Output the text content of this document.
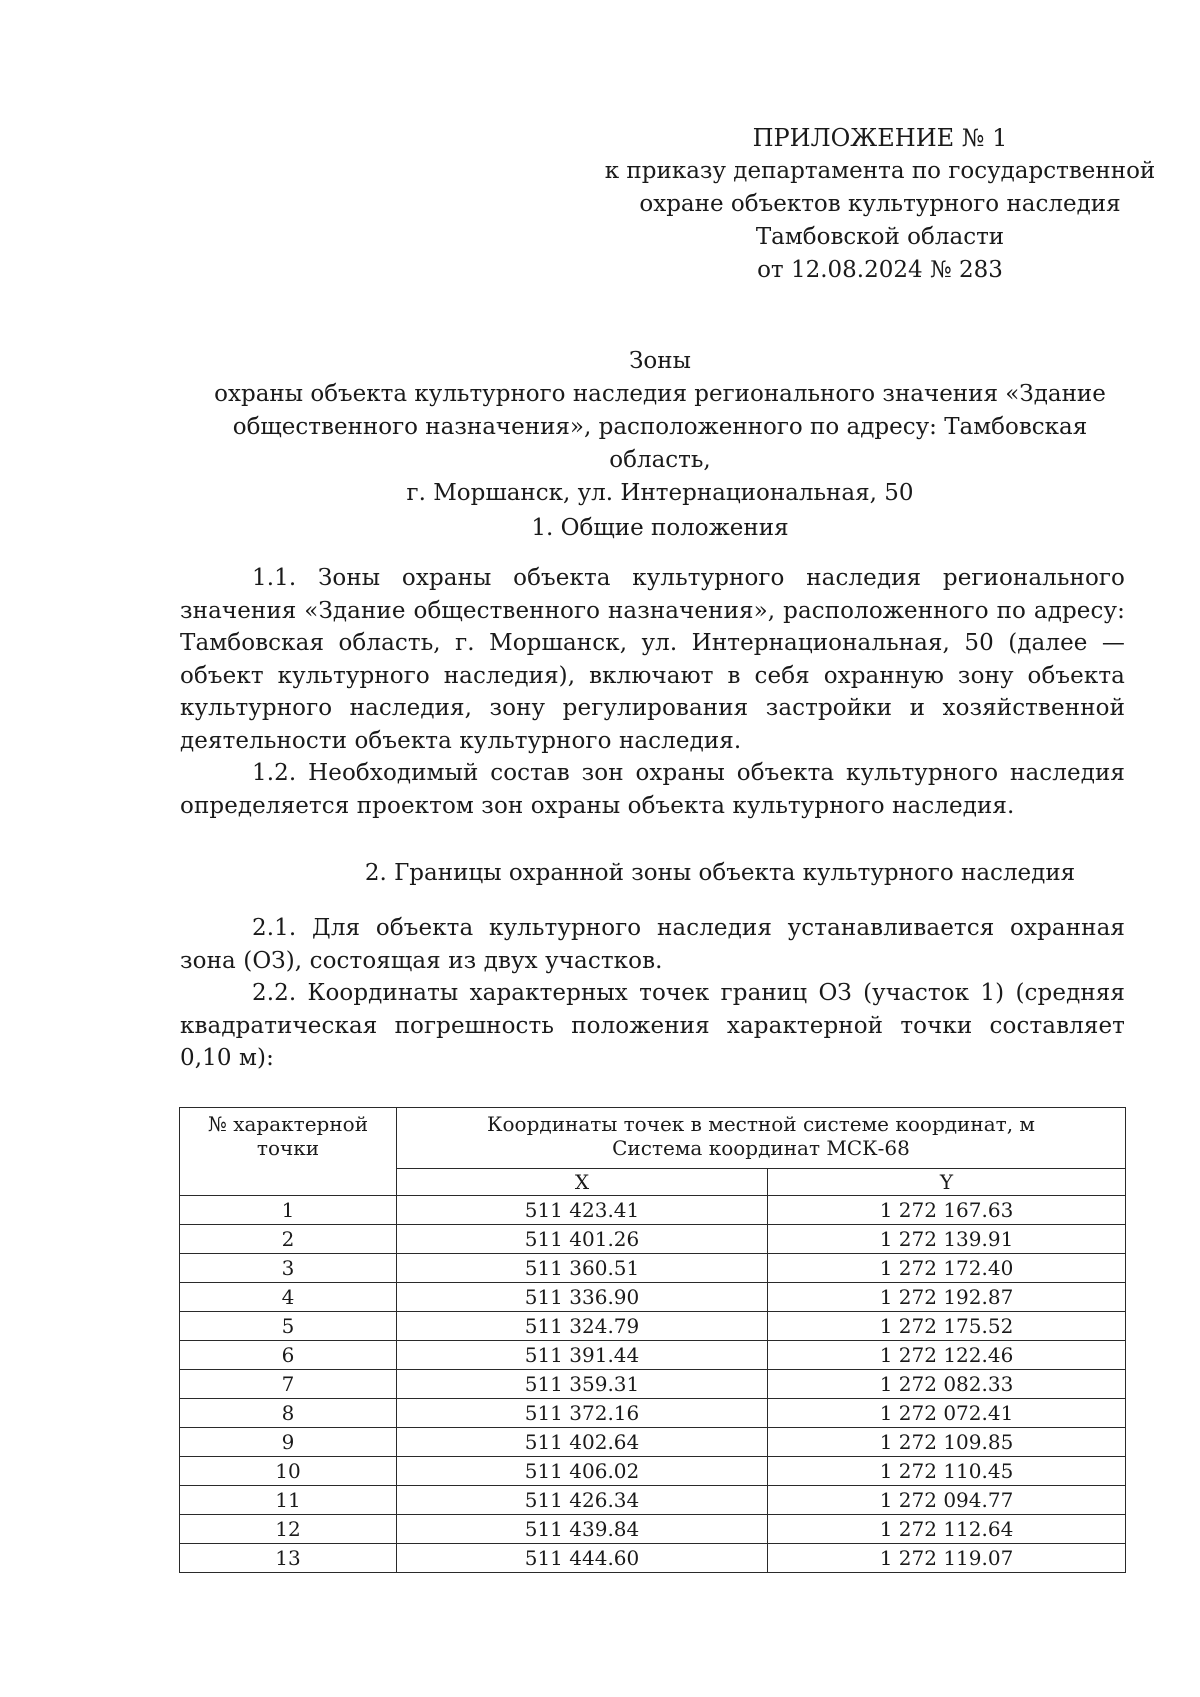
ПРИЛОЖЕНИЕ № 1
к приказу департамента по государственной
охране объектов культурного наследия
Тамбовской области
от 12.08.2024 № 283
Зоны
охраны объекта культурного наследия регионального значения «Здание
общественного назначения», расположенного по адресу: Тамбовская область,
г. Моршанск, ул. Интернациональная, 50
1. Общие положения

1.1. Зоны охраны объекта культурного наследия регионального значения «Здание общественного назначения», расположенного по адресу: Тамбовская область, г. Моршанск, ул. Интернациональная, 50 (далее — объект культурного наследия), включают в себя охранную зону объекта культурного наследия, зону регулирования застройки и хозяйственной деятельности объекта культурного наследия.

1.2. Необходимый состав зон охраны объекта культурного наследия определяется проектом зон охраны объекта культурного наследия.

2. Границы охранной зоны объекта культурного наследия

2.1. Для объекта культурного наследия устанавливается охранная зона (ОЗ), состоящая из двух участков.

2.2. Координаты характерных точек границ ОЗ (участок 1) (средняя квадратическая погрешность положения характерной точки составляет 0,10 м):

№ характерной
точки	Координаты точек в местной системе координат, м
Система координат МСК-68	

	X	Y
1	511 423.41	1 272 167.63
2	511 401.26	1 272 139.91
3	511 360.51	1 272 172.40
4	511 336.90	1 272 192.87
5	511 324.79	1 272 175.52
6	511 391.44	1 272 122.46
7	511 359.31	1 272 082.33
8	511 372.16	1 272 072.41
9	511 402.64	1 272 109.85
10	511 406.02	1 272 110.45
11	511 426.34	1 272 094.77
12	511 439.84	1 272 112.64
13	511 444.60	1 272 119.07
